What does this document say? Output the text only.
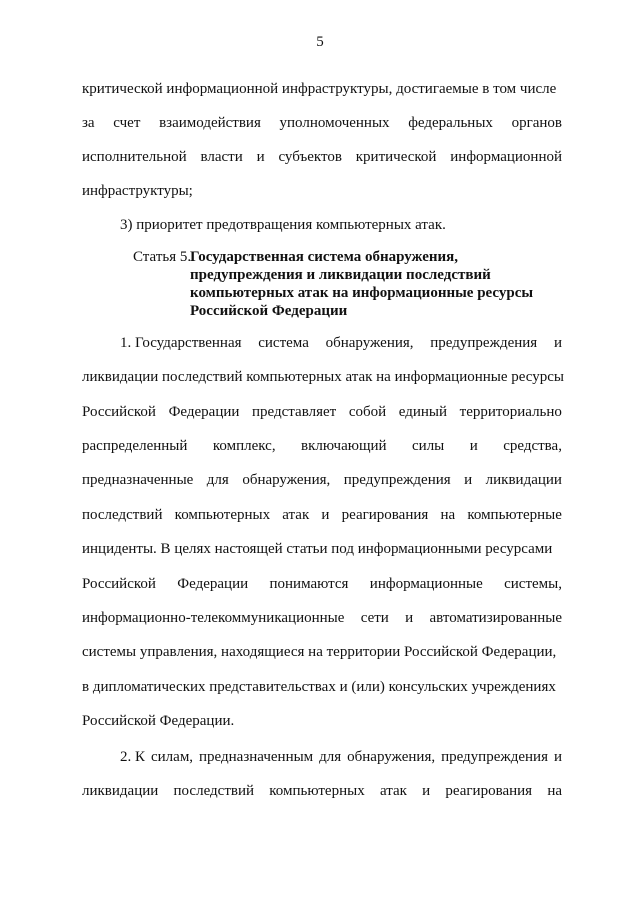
5
критической информационной инфраструктуры, достигаемые в том числе
за счет взаимодействия уполномоченных федеральных органов
исполнительной власти и субъектов критической информационной
инфраструктуры;
3) приоритет предотвращения компьютерных атак.
Статья 5.
Государственная система обнаружения,
предупреждения и ликвидации последствий
компьютерных атак на информационные ресурсы
Российской Федерации
1. Государственная система обнаружения, предупреждения и
ликвидации последствий компьютерных атак на информационные ресурсы
Российской Федерации представляет собой единый территориально
распределенный комплекс, включающий силы и средства,
предназначенные для обнаружения, предупреждения и ликвидации
последствий компьютерных атак и реагирования на компьютерные
инциденты. В целях настоящей статьи под информационными ресурсами
Российской Федерации понимаются информационные системы,
информационно-телекоммуникационные сети и автоматизированные
системы управления, находящиеся на территории Российской Федерации,
в дипломатических представительствах и (или) консульских учреждениях
Российской Федерации.
2. К силам, предназначенным для обнаружения, предупреждения и
ликвидации последствий компьютерных атак и реагирования на
